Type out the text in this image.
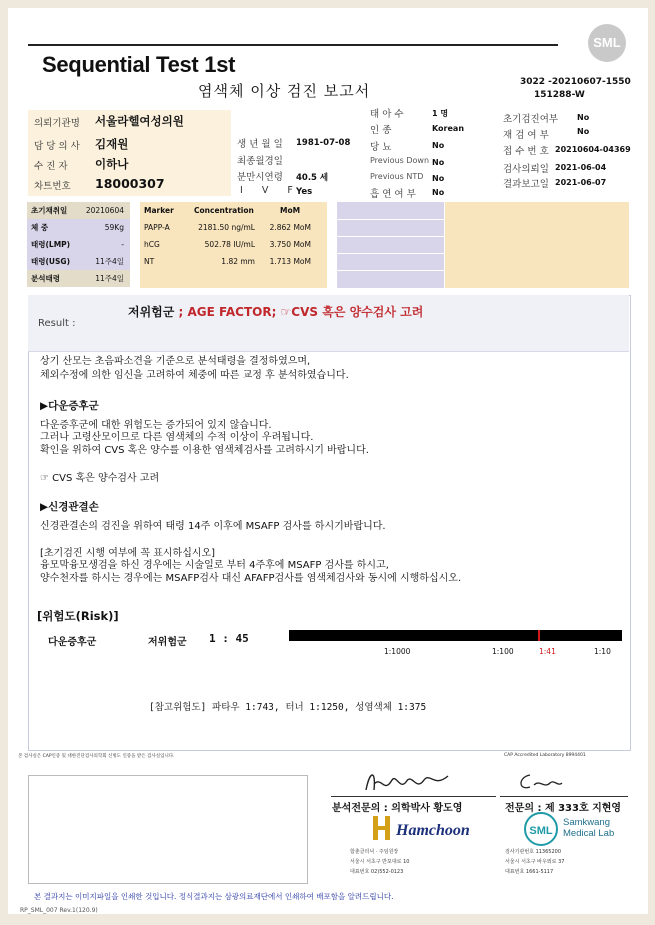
SML
Sequential Test 1st
염색체 이상 검진 보고서	3022 -20210607-1550
151288-W
의뢰기관명 서울라헬여성의원
담 당 의 사 김재원
수 진 자 이하나
차트번호 18000307
생 년 월 일 1981-07-08
최종월경일
분만시연령 40.5 세
I V F
Yes
태 아 수	1 명
인 종	Korean
당 뇨	No
Previous Down No
Previous NTD No
흡 연 여 부 No
초기검진여부 No
재 검 여 부	No
접 수 번 호 20210604-04369
검사의뢰일 2021-06-04
결과보고일 2021-06-07
초기채취일	20210604
체 중	59Kg
태령(LMP)	-
태령(USG)	11주4일
분석태령	11주4일
Marker	Concentration	MoM
PAPP-A	2181.50 ng/mL	2.862 MoM
hCG	502.78 IU/mL	3.750 MoM
NT	1.82 mm	1.713 MoM
Result :
저위험군 ; AGE FACTOR; ☞CVS 혹은 양수검사 고려
상기 산모는 초음파소견을 기준으로 분석태령을 결정하였으며,
체외수정에 의한 임신을 고려하여 체중에 따른 교정 후 분석하였습니다.
▶다운증후군
다운증후군에 대한 위험도는 증가되어 있지 않습니다.
그러나 고령산모이므로 다른 염색체의 수적 이상이 우려됩니다.
확인을 위하여 CVS 혹은 양수를 이용한 염색체검사를 고려하시기 바랍니다.
☞ CVS 혹은 양수검사 고려
▶신경관결손
신경관결손의 검진을 위하여 태령 14주 이후에 MSAFP 검사를 하시기바랍니다.
[초기검진 시행 여부에 꼭 표시하십시오]
융모막융모생검을 하신 경우에는 시술일로 부터 4주후에 MSAFP 검사를 하시고,
양수천자를 하시는 경우에는 MSAFP검사 대신 AFAFP검사를 염색체검사와 동시에 시행하십시오.
[위험도(Risk)]
다운증후군	저위험군 1 : 45
1:1000	1:100	1:41	1:10
[참고위험도] 파타우 1:743, 터너 1:1250, 성염색체 1:375
본 검사실은 CAP인증 및 대한진단검사의학회 신빙도 인증을 받은 검사실입니다.	CAP Accredited Laboratory 8994401
분석전문의 : 의학박사 황도영	전문의 : 제 333호 지현영
Hamchoon
함춘클리닉 · 주임원장
서울시 서초구 반포대로 10
대표번호 02)552-0123
SML
Samkwang
Medical Lab
검사기관번호 11365200
서울시 서초구 바우뫼로 37
대표번호 1661-5117
본 결과지는 이미지파일을 인쇄한 것입니다. 정식결과지는 삼광의료재단에서 인쇄하여 배포함을 알려드립니다.
RP_SML_007 Rev.1(120.9)
